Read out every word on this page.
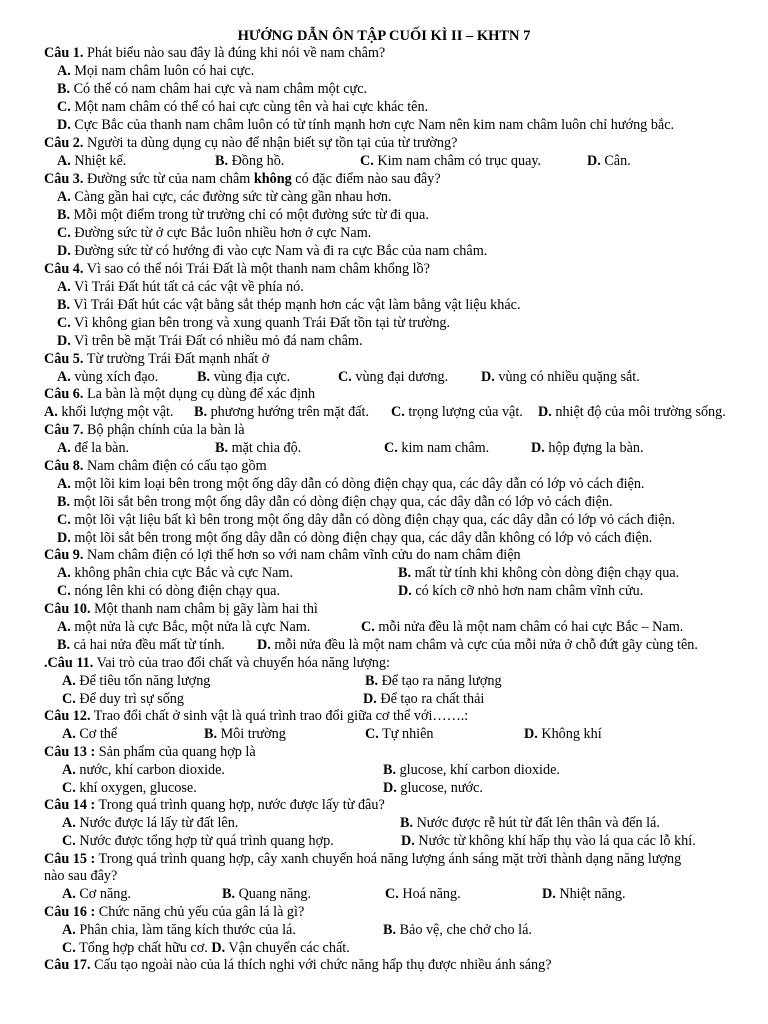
HƯỚNG DẪN ÔN TẬP CUỐI KÌ II – KHTN 7
Câu 1. Phát biểu nào sau đây là đúng khi nói về nam châm?
A. Mọi nam châm luôn có hai cực.
B. Có thể có nam châm hai cực và nam châm một cực.
C. Một nam châm có thể có hai cực cùng tên và hai cực khác tên.
D. Cực Bắc của thanh nam châm luôn có từ tính mạnh hơn cực Nam nên kim nam châm luôn chỉ hướng bắc.
Câu 2. Người ta dùng dụng cụ nào để nhận biết sự tồn tại của từ trường?
A. Nhiệt kế.	B. Đồng hồ.	C. Kim nam châm có trục quay.	D. Cân.
Câu 3. Đường sức từ của nam châm không có đặc điểm nào sau đây?
A. Càng gần hai cực, các đường sức từ càng gần nhau hơn.
B. Mỗi một điểm trong từ trường chỉ có một đường sức từ đi qua.
C. Đường sức từ ở cực Bắc luôn nhiều hơn ở cực Nam.
D. Đường sức từ có hướng đi vào cực Nam và đi ra cực Bắc của nam châm.
Câu 4. Vì sao có thể nói Trái Đất là một thanh nam châm khổng lồ?
A. Vì Trái Đất hút tất cả các vật về phía nó.
B. Vì Trái Đất hút các vật bằng sắt thép mạnh hơn các vật làm bằng vật liệu khác.
C. Vì không gian bên trong và xung quanh Trái Đất tồn tại từ trường.
D. Vì trên bề mặt Trái Đất có nhiều mỏ đá nam châm.
Câu 5. Từ trường Trái Đất mạnh nhất ở
A. vùng xích đạo.	B. vùng địa cực.	C. vùng đại dương. D. vùng có nhiều quặng sắt.
Câu 6. La bàn là một dụng cụ dùng để xác định
A. khối lượng một vật. B. phương hướng trên mặt đất. C. trọng lượng của vật. D. nhiệt độ của môi trường sống.
Câu 7. Bộ phận chính của la bàn là
A. để la bàn.	B. mặt chia độ.	C. kim nam châm.	D. hộp đựng la bàn.
Câu 8. Nam châm điện có cấu tạo gồm
A. một lõi kim loại bên trong một ống dây dẫn có dòng điện chạy qua, các dây dẫn có lớp vỏ cách điện.
B. một lõi sắt bên trong một ống dây dẫn có dòng điện chạy qua, các dây dẫn có lớp vỏ cách điện.
C. một lõi vật liệu bất kì bên trong một ống dây dẫn có dòng điện chạy qua, các dây dẫn có lớp vỏ cách điện.
D. một lõi sắt bên trong một ống dây dẫn có dòng điện chạy qua, các dây dẫn không có lớp vỏ cách điện.
Câu 9. Nam châm điện có lợi thế hơn so với nam châm vĩnh cửu do nam châm điện
A. không phân chia cực Bắc và cực Nam.	B. mất từ tính khi không còn dòng điện chạy qua.
C. nóng lên khi có dòng điện chạy qua.	D. có kích cỡ nhỏ hơn nam châm vĩnh cửu.
Câu 10. Một thanh nam châm bị gãy làm hai thì
A. một nửa là cực Bắc, một nửa là cực Nam.	C. mỗi nửa đều là một nam châm có hai cực Bắc – Nam.
B. cả hai nửa đều mất từ tính. D. mỗi nửa đều là một nam châm và cực của mỗi nửa ở chỗ đứt gãy cùng tên.
.Câu 11. Vai trò của trao đổi chất và chuyển hóa năng lượng:
A. Để tiêu tốn năng lượng	B. Để tạo ra năng lượng
C. Để duy trì sự sống	D. Để tạo ra chất thải
Câu 12. Trao đổi chất ở sinh vật là quá trình trao đổi giữa cơ thể với…….:
A. Cơ thể	B. Môi trường	C. Tự nhiên	D. Không khí
Câu 13 : Sản phẩm của quang hợp là
A. nước, khí carbon dioxide.	B. glucose, khí carbon dioxide.
C. khí oxygen, glucose.	D. glucose, nước.
Câu 14 : Trong quá trình quang hợp, nước được lấy từ đâu?
A. Nước được lá lấy từ đất lên.	B. Nước được rễ hút từ đất lên thân và đến lá.
C. Nước được tổng hợp từ quá trình quang hợp.	D. Nước từ không khí hấp thụ vào lá qua các lỗ khí.
Câu 15 : Trong quá trình quang hợp, cây xanh chuyển hoá năng lượng ánh sáng mặt trời thành dạng năng lượng
nào sau đây?
A. Cơ năng.	B. Quang năng.	C. Hoá năng.	D. Nhiệt năng.
Câu 16 : Chức năng chủ yếu của gân lá là gì?
A. Phân chia, làm tăng kích thước của lá.	B. Bảo vệ, che chở cho lá.
C. Tổng hợp chất hữu cơ. D. Vận chuyển các chất.
Câu 17. Cấu tạo ngoài nào của lá thích nghi với chức năng hấp thụ được nhiều ánh sáng?
